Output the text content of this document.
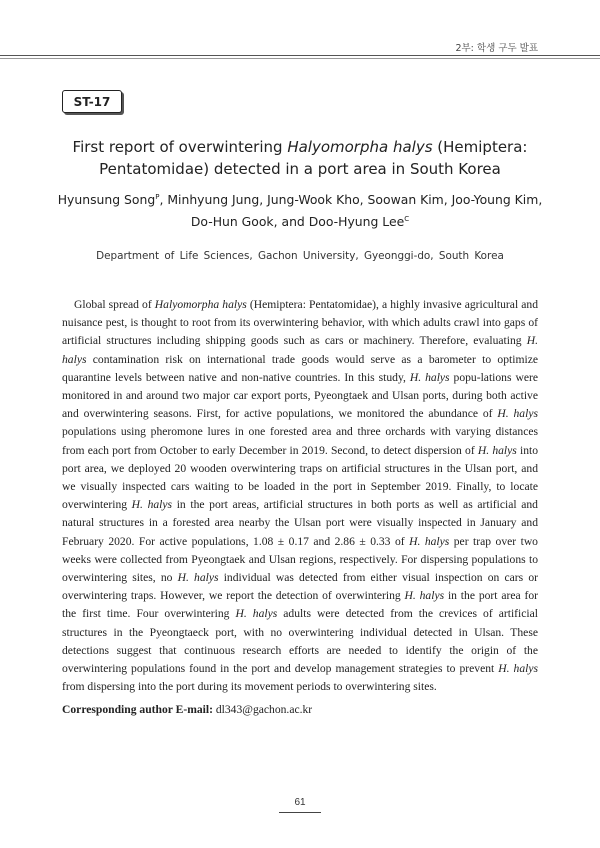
2부: 학생 구두 발표
ST-17
First report of overwintering Halyomorpha halys (Hemiptera:
Pentatomidae) detected in a port area in South Korea
Hyunsung Song$^P$, Minhyung Jung, Jung-Wook Kho, Soowan Kim, Joo-Young Kim,
Do-Hun Gook, and Doo-Hyung Lee$^C$
Department of Life Sciences, Gachon University, Gyeonggi-do, South Korea

Global spread of Halyomorpha halys (Hemiptera: Pentatomidae), a highly invasive agricultural and nuisance pest, is thought to root from its overwintering behavior, with which adults crawl into gaps of artificial structures including shipping goods such as cars or machinery. Therefore, evaluating H. halys contamination risk on international trade goods would serve as a barometer to optimize quarantine levels between native and non-native countries. In this study, H. halys popu-lations were monitored in and around two major car export ports, Pyeongtaek and Ulsan ports, during both active and overwintering seasons. First, for active populations, we monitored the abundance of H. halys populations using pheromone lures in one forested area and three orchards with varying distances from each port from October to early December in 2019. Second, to detect dispersion of H. halys into port area, we deployed 20 wooden overwintering traps on artificial structures in the Ulsan port, and we visually inspected cars waiting to be loaded in the port in September 2019. Finally, to locate overwintering H. halys in the port areas, artificial structures in both ports as well as artificial and natural structures in a forested area nearby the Ulsan port were visually inspected in January and February 2020. For active populations, 1.08 ± 0.17 and 2.86 ± 0.33 of H. halys per trap over two weeks were collected from Pyeongtaek and Ulsan regions, respectively. For dispersing populations to overwintering sites, no H. halys individual was detected from either visual inspection on cars or overwintering traps. However, we report the detection of overwintering H. halys in the port area for the first time. Four overwintering H. halys adults were detected from the crevices of artificial structures in the Pyeongtaeck port, with no overwintering individual detected in Ulsan. These detections suggest that continuous research efforts are needed to identify the origin of the overwintering populations found in the port and develop management strategies to prevent H. halys from dispersing into the port during its movement periods to overwintering sites.

Corresponding author E-mail: dl343@gachon.ac.kr
61
